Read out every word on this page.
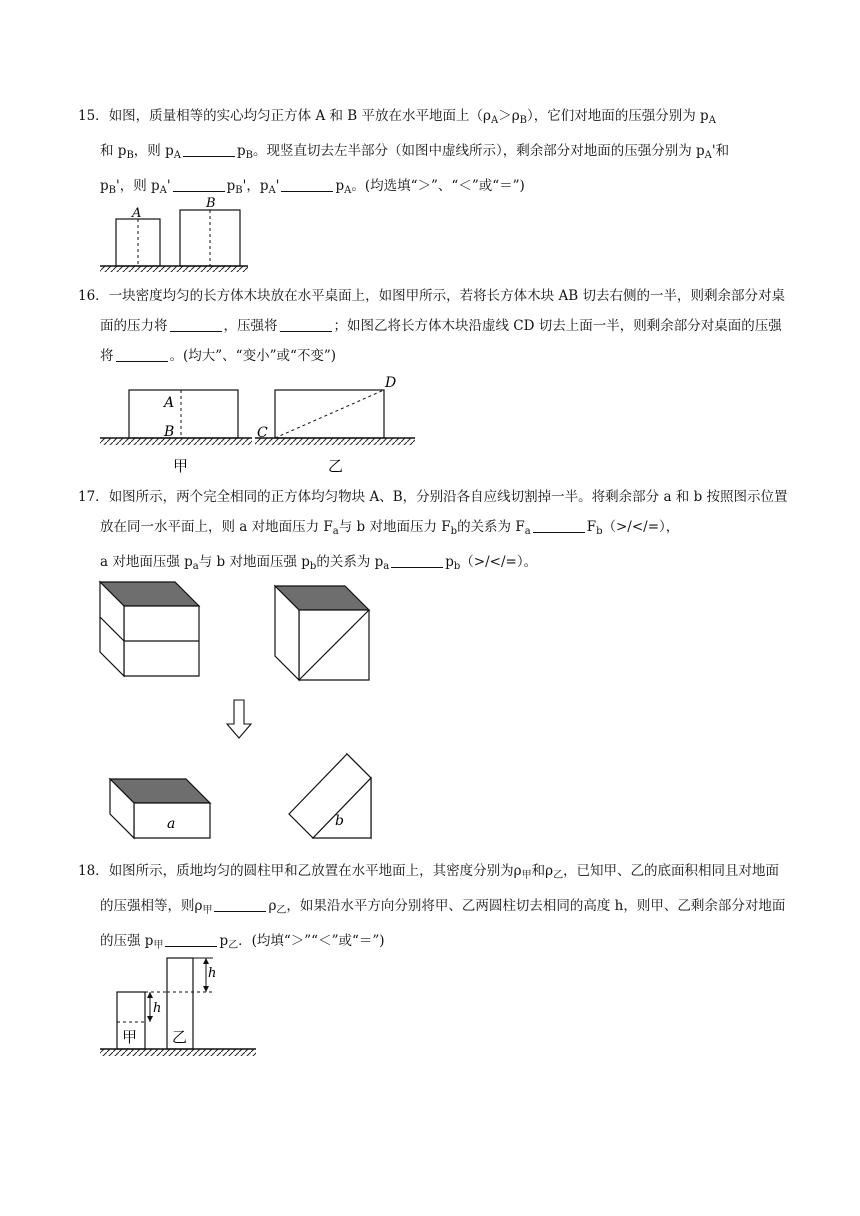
15．如图，质量相等的实心均匀正方体 A 和 B 平放在水平地面上$(\rho_A>\rho_B)$，它们对地面的压强分别为 $p_A$
和 $p_B$，则 $p_A$	$p_B$。现竖直切去左半部分（如图中虚线所示），剩余部分对地面的压强分别为 $p_A'$和
$p_B'$，则 $p_A'$	$p_B'$，$p_A'$	$p_A$。(均选填“＞”、“＜”或“＝”)

A
B

16．一块密度均匀的长方体木块放在水平桌面上，如图甲所示，若将长方体木块 AB 切去右侧的一半，则剩余部分对桌面的压力将	，压强将	；如图乙将长方体木块沿虚线 CD 切去上面一半，则剩余部分对桌面的压强将	。(均大”、“变小”或“不变”)

A
B
甲
C
D
乙

17．如图所示，两个完全相同的正方体均匀物块 A、B，分别沿各自应线切割掉一半。将剩余部分 a 和 b 按照图示位置放在同一水平面上，则 a 对地面压力 $F_a$与 b 对地面压力 $F_b$的关系为 $F_a$	$F_b(>/</=)$，
a 对地面压强 $p_a$与 b 对地面压强 $p_b$的关系为 $p_a$	$p_b(>/</=)$。

a	b

18．如图所示，质地均匀的圆柱甲和乙放置在水平地面上，其密度分别为$\rho_甲$和$\rho_乙$，已知甲、乙的底面积相同且对地面的压强相等，则$\rho_甲$	$\rho_乙$，如果沿水平方向分别将甲、乙两圆柱切去相同的高度 h，则甲、乙剩余部分对地面的压强 $p_甲$	$p_乙$．(均填“＞”“＜”或“＝”)

h
甲
h
乙
